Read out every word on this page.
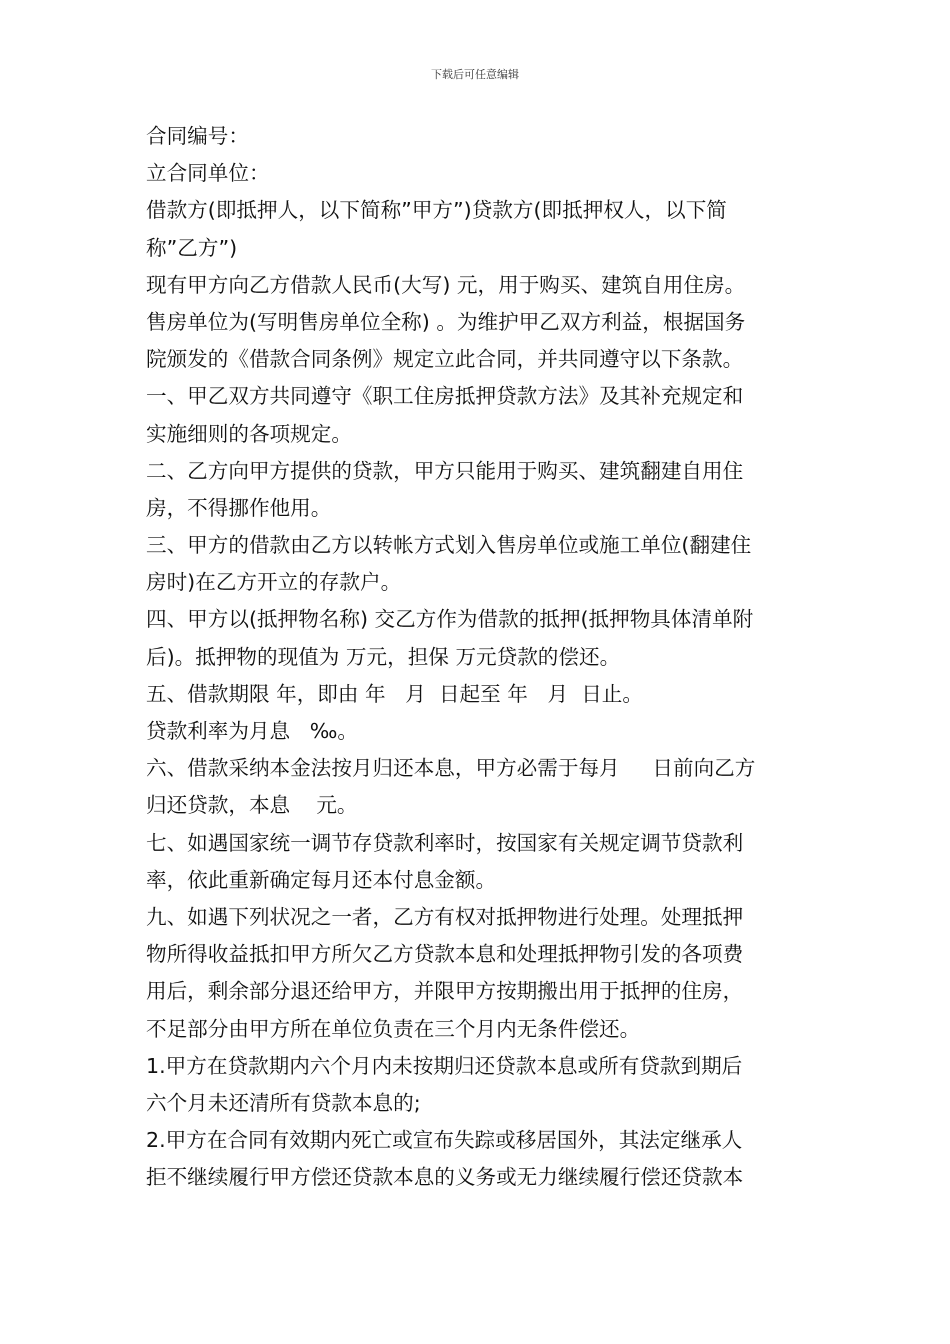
下载后可任意编辑
合同编号：
立合同单位：
借款方(即抵押人，以下简称”甲方”)贷款方(即抵押权人，以下简
称”乙方”)
现有甲方向乙方借款人民币(大写) 元，用于购买、建筑自用住房。
售房单位为(写明售房单位全称) 。为维护甲乙双方利益，根据国务
院颁发的《借款合同条例》规定立此合同，并共同遵守以下条款。
一、甲乙双方共同遵守《职工住房抵押贷款方法》及其补充规定和
实施细则的各项规定。
二、乙方向甲方提供的贷款，甲方只能用于购买、建筑翻建自用住
房，不得挪作他用。
三、甲方的借款由乙方以转帐方式划入售房单位或施工单位(翻建住
房时)在乙方开立的存款户。
四、甲方以(抵押物名称) 交乙方作为借款的抵押(抵押物具体清单附
后)。抵押物的现值为 万元，担保 万元贷款的偿还。
五、借款期限 年，即由 年   月  日起至 年   月  日止。
贷款利率为月息   ‰。
六、借款采纳本金法按月归还本息，甲方必需于每月     日前向乙方
归还贷款，本息    元。
七、如遇国家统一调节存贷款利率时，按国家有关规定调节贷款利
率，依此重新确定每月还本付息金额。
九、如遇下列状况之一者，乙方有权对抵押物进行处理。处理抵押
物所得收益抵扣甲方所欠乙方贷款本息和处理抵押物引发的各项费
用后，剩余部分退还给甲方，并限甲方按期搬出用于抵押的住房，
不足部分由甲方所在单位负责在三个月内无条件偿还。
1.甲方在贷款期内六个月内未按期归还贷款本息或所有贷款到期后
六个月未还清所有贷款本息的;
2.甲方在合同有效期内死亡或宣布失踪或移居国外，其法定继承人
拒不继续履行甲方偿还贷款本息的义务或无力继续履行偿还贷款本
